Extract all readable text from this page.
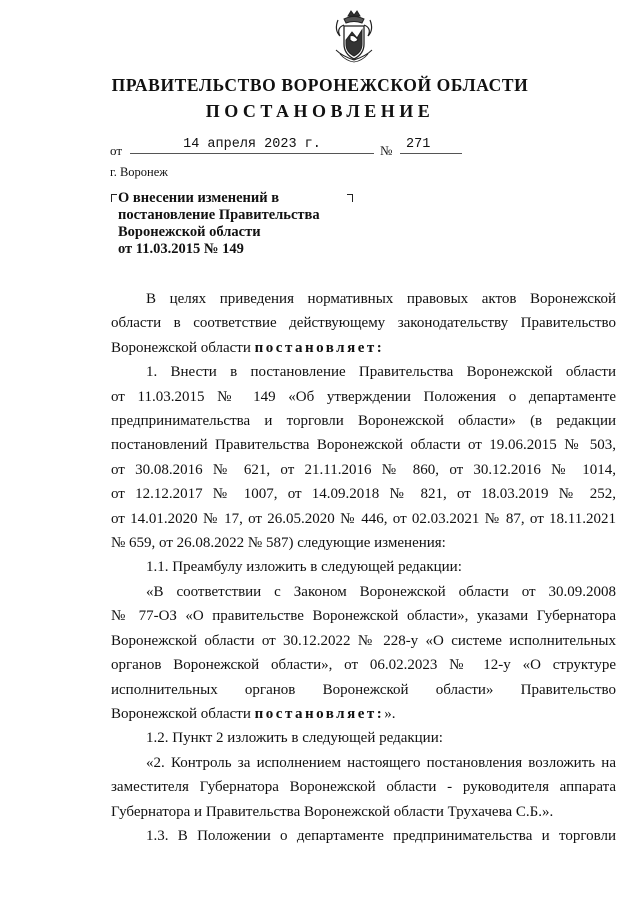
ПРАВИТЕЛЬСТВО ВОРОНЕЖСКОЙ ОБЛАСТИ
ПОСТАНОВЛЕНИЕ
от	14 апреля 2023 г.	№	271
г. Воронеж
О внесении изменений в
постановление Правительства
Воронежской области
от 11.03.2015 № 149

В целях приведения нормативных правовых актов Воронежской

области в соответствие действующему законодательству Правительство

Воронежской области постановляет:

1. Внести в постановление Правительства Воронежской области

от 11.03.2015 № 149 «Об утверждении Положения о департаменте

предпринимательства и торговли Воронежской области» (в редакции

постановлений Правительства Воронежской области от 19.06.2015 № 503,

от 30.08.2016 № 621, от 21.11.2016 № 860, от 30.12.2016 № 1014,

от 12.12.2017 № 1007, от 14.09.2018 № 821, от 18.03.2019 № 252,

от 14.01.2020 № 17, от 26.05.2020 № 446, от 02.03.2021 № 87, от 18.11.2021

№ 659, от 26.08.2022 № 587) следующие изменения:

1.1. Преамбулу изложить в следующей редакции:

«В соответствии с Законом Воронежской области от 30.09.2008

№ 77-ОЗ «О правительстве Воронежской области», указами Губернатора

Воронежской области от 30.12.2022 № 228-у «О системе исполнительных

органов Воронежской области», от 06.02.2023 № 12-у «О структуре

исполнительных органов Воронежской области» Правительство

Воронежской области постановляет:».

1.2. Пункт 2 изложить в следующей редакции:

«2. Контроль за исполнением настоящего постановления возложить на

заместителя Губернатора Воронежской области - руководителя аппарата

Губернатора и Правительства Воронежской области Трухачева С.Б.».

1.3. В Положении о департаменте предпринимательства и торговли
